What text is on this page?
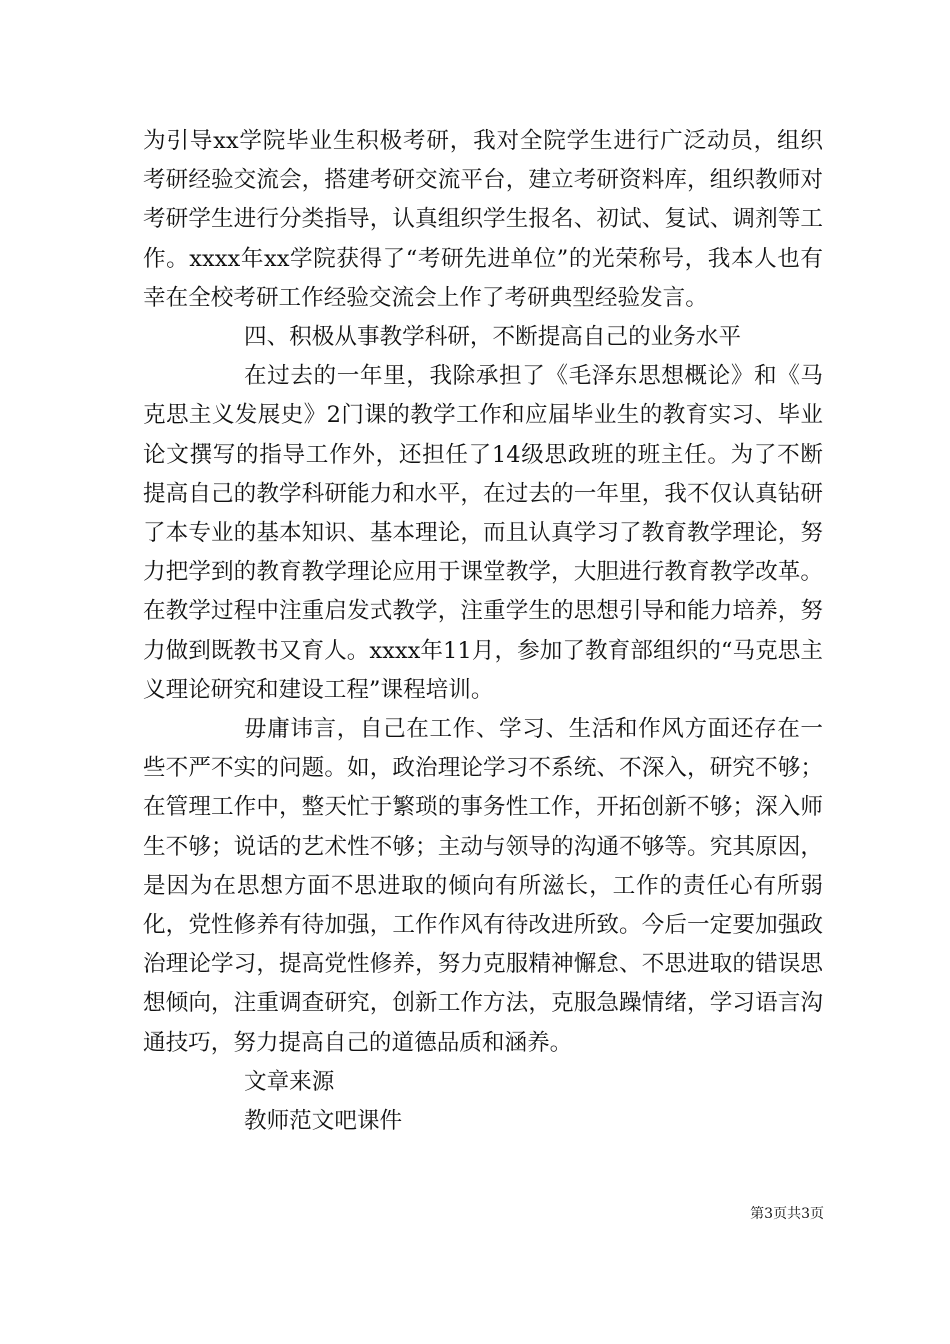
为引导xx学院毕业生积极考研，我对全院学生进行广泛动员，组织考研经验交流会，搭建考研交流平台，建立考研资料库，组织教师对考研学生进行分类指导，认真组织学生报名、初试、复试、调剂等工作。xxxx年xx学院获得了“考研先进单位”的光荣称号，我本人也有幸在全校考研工作经验交流会上作了考研典型经验发言。

四、积极从事教学科研，不断提高自己的业务水平

在过去的一年里，我除承担了《毛泽东思想概论》和《马克思主义发展史》2门课的教学工作和应届毕业生的教育实习、毕业论文撰写的指导工作外，还担任了14级思政班的班主任。为了不断提高自己的教学科研能力和水平，在过去的一年里，我不仅认真钻研了本专业的基本知识、基本理论，而且认真学习了教育教学理论，努力把学到的教育教学理论应用于课堂教学，大胆进行教育教学改革。在教学过程中注重启发式教学，注重学生的思想引导和能力培养，努力做到既教书又育人。xxxx年11月，参加了教育部组织的“马克思主义理论研究和建设工程”课程培训。

毋庸讳言，自己在工作、学习、生活和作风方面还存在一些不严不实的问题。如，政治理论学习不系统、不深入，研究不够；在管理工作中，整天忙于繁琐的事务性工作，开拓创新不够；深入师生不够；说话的艺术性不够；主动与领导的沟通不够等。究其原因，是因为在思想方面不思进取的倾向有所滋长，工作的责任心有所弱化，党性修养有待加强，工作作风有待改进所致。今后一定要加强政治理论学习，提高党性修养，努力克服精神懈怠、不思进取的错误思想倾向，注重调查研究，创新工作方法，克服急躁情绪，学习语言沟通技巧，努力提高自己的道德品质和涵养。

文章来源

教师范文吧课件

第3页共3页
